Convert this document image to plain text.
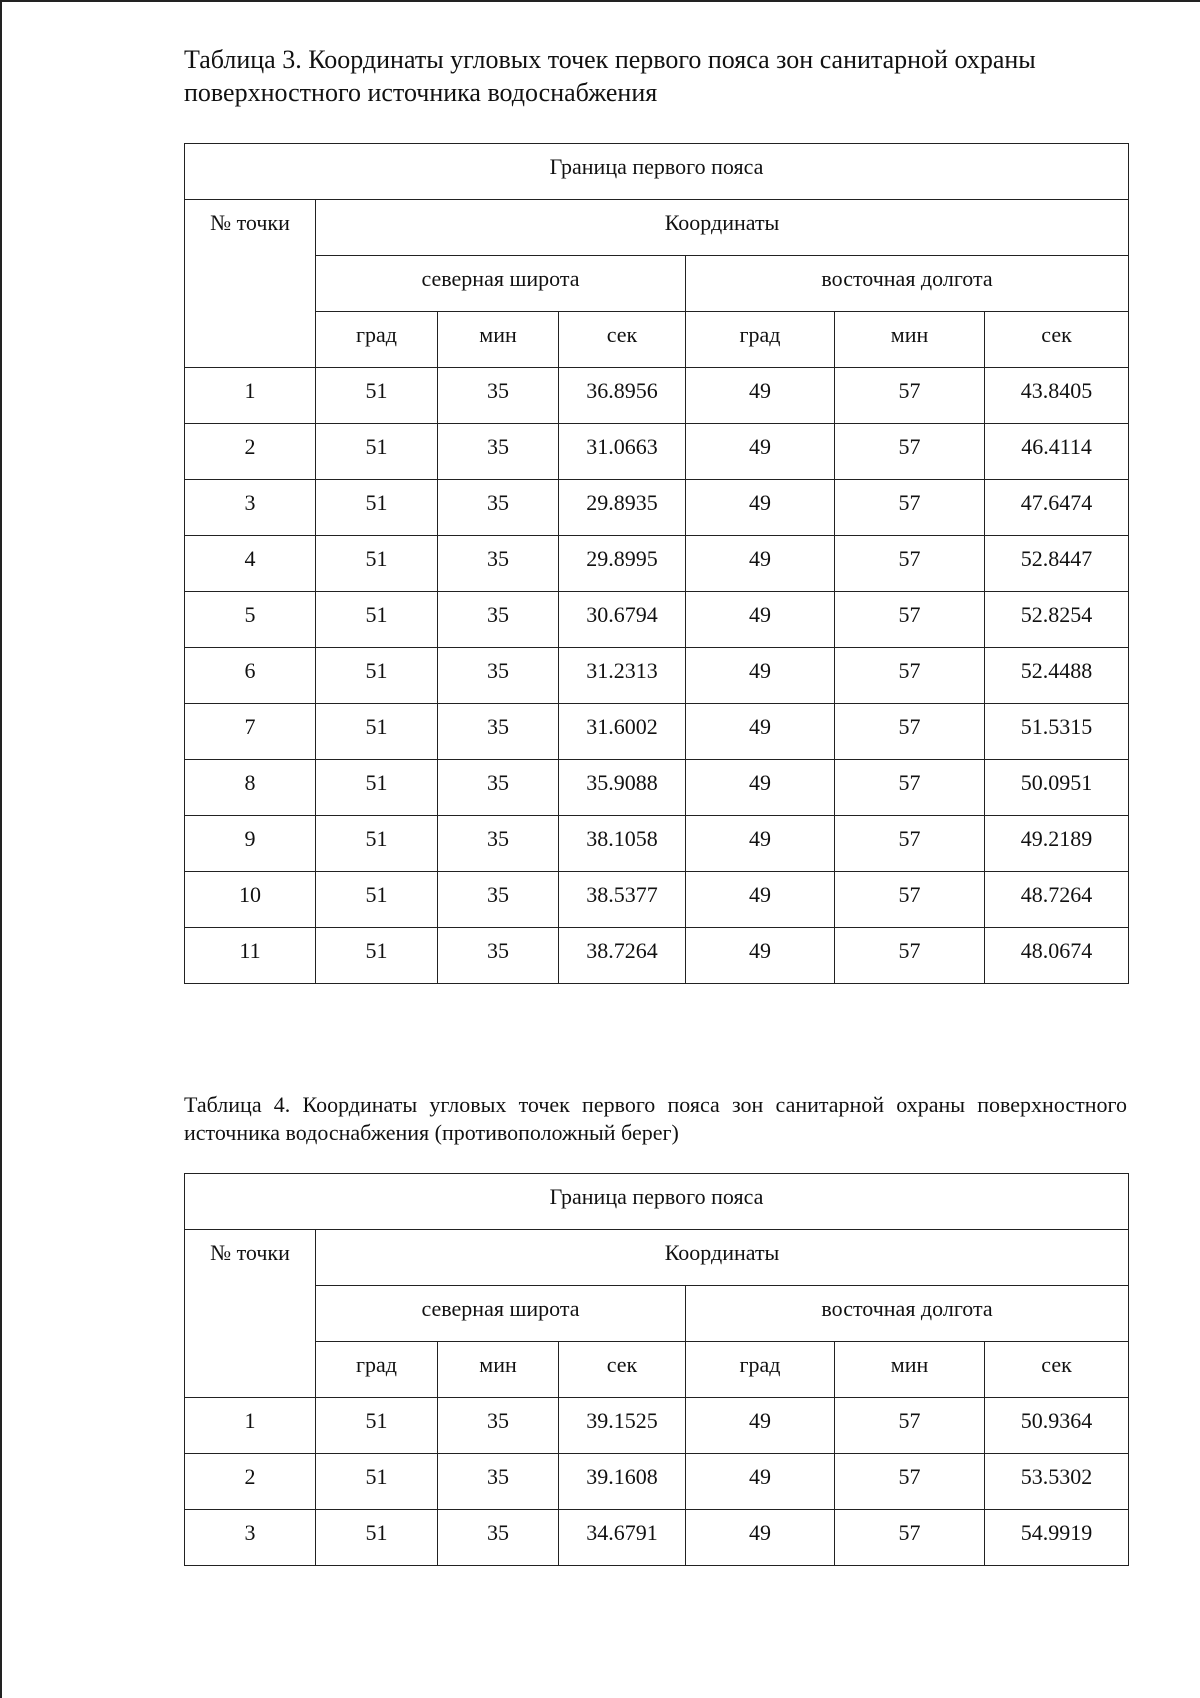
Таблица 3. Координаты угловых точек первого пояса зон санитарной охраны поверхностного источника водоснабжения
Граница первого пояса						
№ точки	Координаты					
	северная широта			восточная долгота		
	град	мин	сек	град	мин	сек
1	51	35	36.8956	49	57	43.8405
2	51	35	31.0663	49	57	46.4114
3	51	35	29.8935	49	57	47.6474
4	51	35	29.8995	49	57	52.8447
5	51	35	30.6794	49	57	52.8254
6	51	35	31.2313	49	57	52.4488
7	51	35	31.6002	49	57	51.5315
8	51	35	35.9088	49	57	50.0951
9	51	35	38.1058	49	57	49.2189
10	51	35	38.5377	49	57	48.7264
11	51	35	38.7264	49	57	48.0674
Таблица 4. Координаты угловых точек первого пояса зон санитарной охраны поверхностного источника водоснабжения (противоположный берег)
Граница первого пояса						
№ точки	Координаты					
	северная широта			восточная долгота		
	град	мин	сек	град	мин	сек
1	51	35	39.1525	49	57	50.9364
2	51	35	39.1608	49	57	53.5302
3	51	35	34.6791	49	57	54.9919
